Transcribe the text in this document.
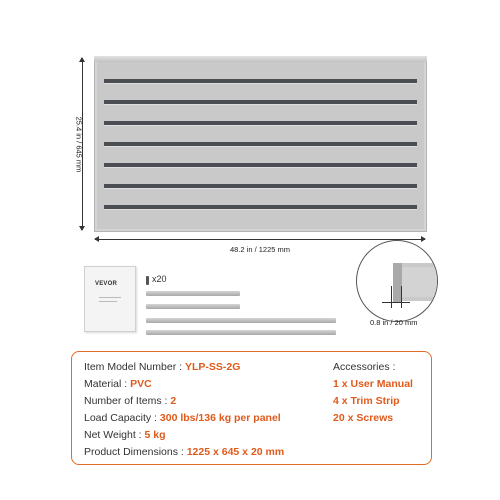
25.4 in / 645 mm
48.2 in / 1225 mm
VEVOR	x20
0.8 in / 20 mm
Item Model Number : YLP-SS-2G
Material : PVC
Number of Items : 2
Load Capacity : 300 lbs/136 kg per panel
Net Weight : 5 kg
Product Dimensions : 1225 x 645 x 20 mm
Accessories :
1 x User Manual
4 x Trim Strip
20 x Screws
